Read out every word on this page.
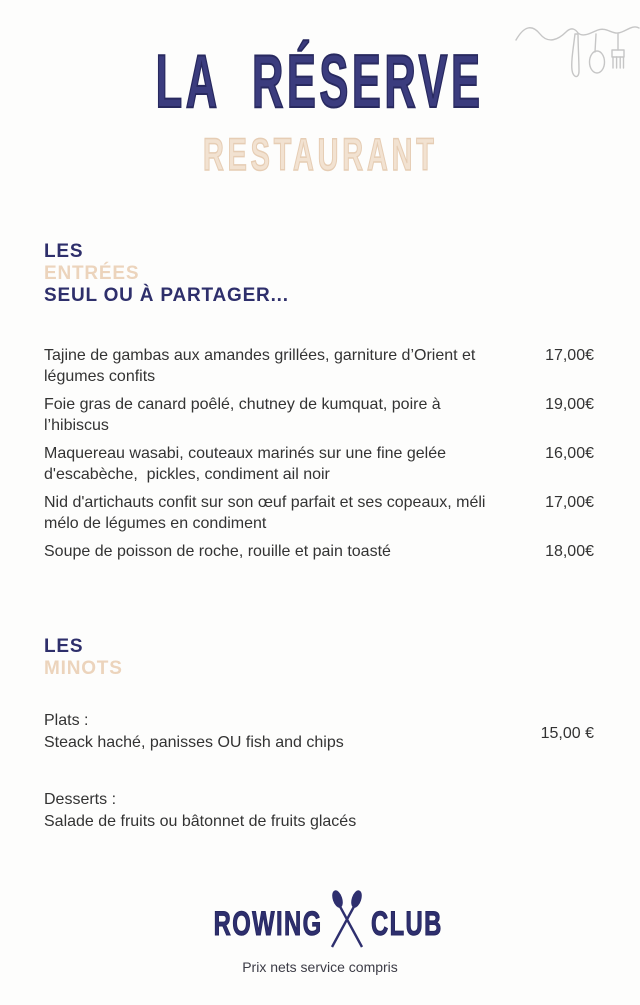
LA RÉSERVE
RESTAURANT
LES
ENTRÉES
SEUL OU À PARTAGER...
Tajine de gambas aux amandes grillées, garniture d’Orient et légumes confits
17,00€
Foie gras de canard poêlé, chutney de kumquat, poire à l’hibiscus
19,00€
Maquereau wasabi, couteaux marinés sur une fine gelée d'escabèche,  pickles, condiment ail noir
16,00€
Nid d'artichauts confit sur son œuf parfait et ses copeaux, méli mélo de légumes en condiment
17,00€
Soupe de poisson de roche, rouille et pain toasté	18,00€
LES
MINOTS
Plats :
Steack haché, panisses OU fish and chips
15,00 €
Desserts :
Salade de fruits ou bâtonnet de fruits glacés
ROWING CLUB
Prix nets service compris
